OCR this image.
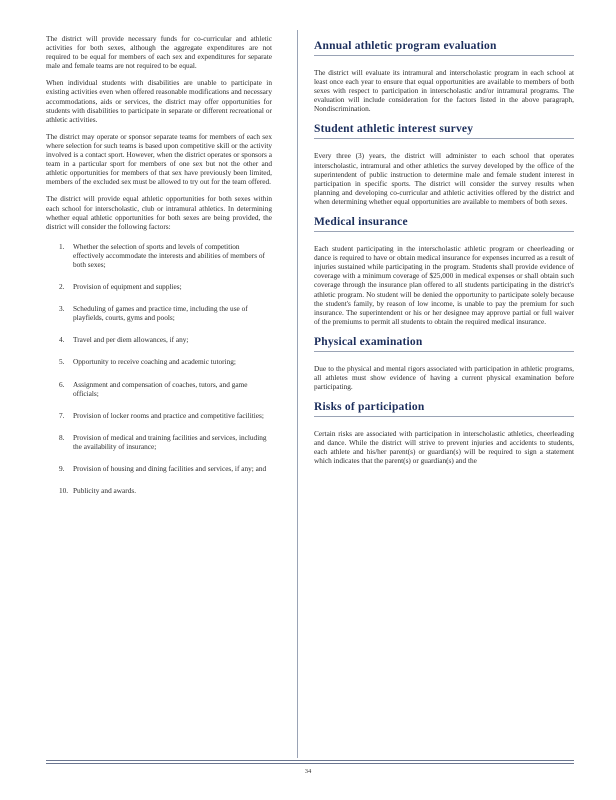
The district will provide necessary funds for co-curricular and athletic activities for both sexes, although the aggregate expenditures are not required to be equal for members of each sex and expenditures for separate male and female teams are not required to be equal.

When individual students with disabilities are unable to participate in existing activities even when offered reasonable modifications and necessary accommodations, aids or services, the district may offer opportunities for students with disabilities to participate in separate or different recreational or athletic activities.

The district may operate or sponsor separate teams for members of each sex where selection for such teams is based upon competitive skill or the activity involved is a contact sport. However, when the district operates or sponsors a team in a particular sport for members of one sex but not the other and athletic opportunities for members of that sex have previously been limited, members of the excluded sex must be allowed to try out for the team offered.

The district will provide equal athletic opportunities for both sexes within each school for interscholastic, club or intramural athletics. In determining whether equal athletic opportunities for both sexes are being provided, the district will consider the following factors:

1. Whether the selection of sports and levels of competition effectively accommodate the interests and abilities of members of both sexes;
2. Provision of equipment and supplies;
3. Scheduling of games and practice time, including the use of playfields, courts, gyms and pools;
4. Travel and per diem allowances, if any;
5. Opportunity to receive coaching and academic tutoring;
6. Assignment and compensation of coaches, tutors, and game officials;
7. Provision of locker rooms and practice and competitive facilities;
8. Provision of medical and training facilities and services, including the availability of insurance;
9. Provision of housing and dining facilities and services, if any; and
10. Publicity and awards.
Annual athletic program evaluation

The district will evaluate its intramural and interscholastic program in each school at least once each year to ensure that equal opportunities are available to members of both sexes with respect to participation in interscholastic and/or intramural programs. The evaluation will include consideration for the factors listed in the above paragraph, Nondiscrimination.

Student athletic interest survey

Every three (3) years, the district will administer to each school that operates interscholastic, intramural and other athletics the survey developed by the office of the superintendent of public instruction to determine male and female student interest in participation in specific sports. The district will consider the survey results when planning and developing co-curricular and athletic activities offered by the district and when determining whether equal opportunities are available to members of both sexes.

Medical insurance

Each student participating in the interscholastic athletic program or cheerleading or dance is required to have or obtain medical insurance for expenses incurred as a result of injuries sustained while participating in the program. Students shall provide evidence of coverage with a minimum coverage of $25,000 in medical expenses or shall obtain such coverage through the insurance plan offered to all students participating in the district's athletic program. No student will be denied the opportunity to participate solely because the student's family, by reason of low income, is unable to pay the premium for such insurance. The superintendent or his or her designee may approve partial or full waiver of the premiums to permit all students to obtain the required medical insurance.

Physical examination

Due to the physical and mental rigors associated with participation in athletic programs, all athletes must show evidence of having a current physical examination before participating.

Risks of participation

Certain risks are associated with participation in interscholastic athletics, cheerleading and dance. While the district will strive to prevent injuries and accidents to students, each athlete and his/her parent(s) or guardian(s) will be required to sign a statement which indicates that the parent(s) or guardian(s) and the

34
